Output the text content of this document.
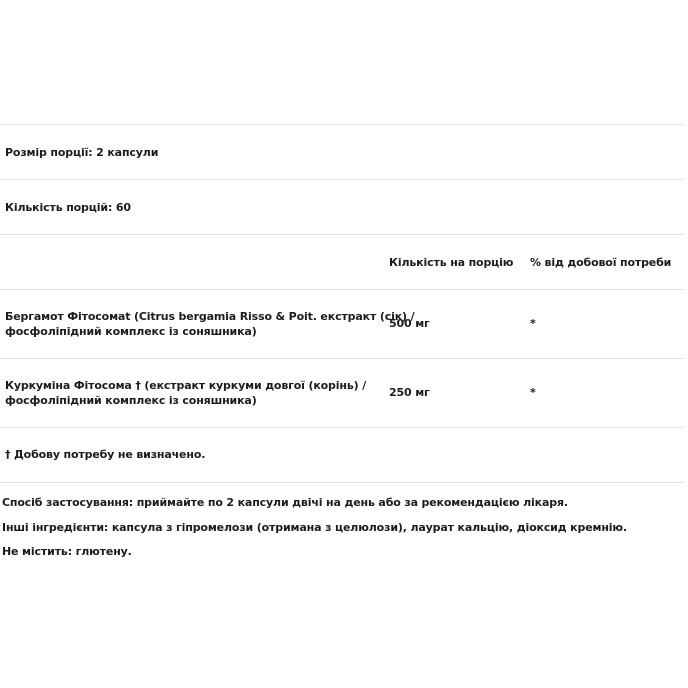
Розмір порції: 2 капсули
Кількість порцій: 60
Кількість на порцію % від добової потреби
Бергамот Фітосомаt (Citrus bergamia Risso & Poit. екстракт (сік) /
фосфоліпідний комплекс із соняшника)
500 мг	*
Куркуміна Фітосома † (екстракт куркуми довгої (корінь) /
фосфоліпідний комплекс із соняшника)
250 мг	*
† Добову потребу не визначено.
Спосіб застосування: приймайте по 2 капсули двічі на день або за рекомендацією лікаря.
Інші інгредієнти: капсула з гіпромелози (отримана з целюлози), лаурат кальцію, діоксид кремнію.
Не містить: глютену.
